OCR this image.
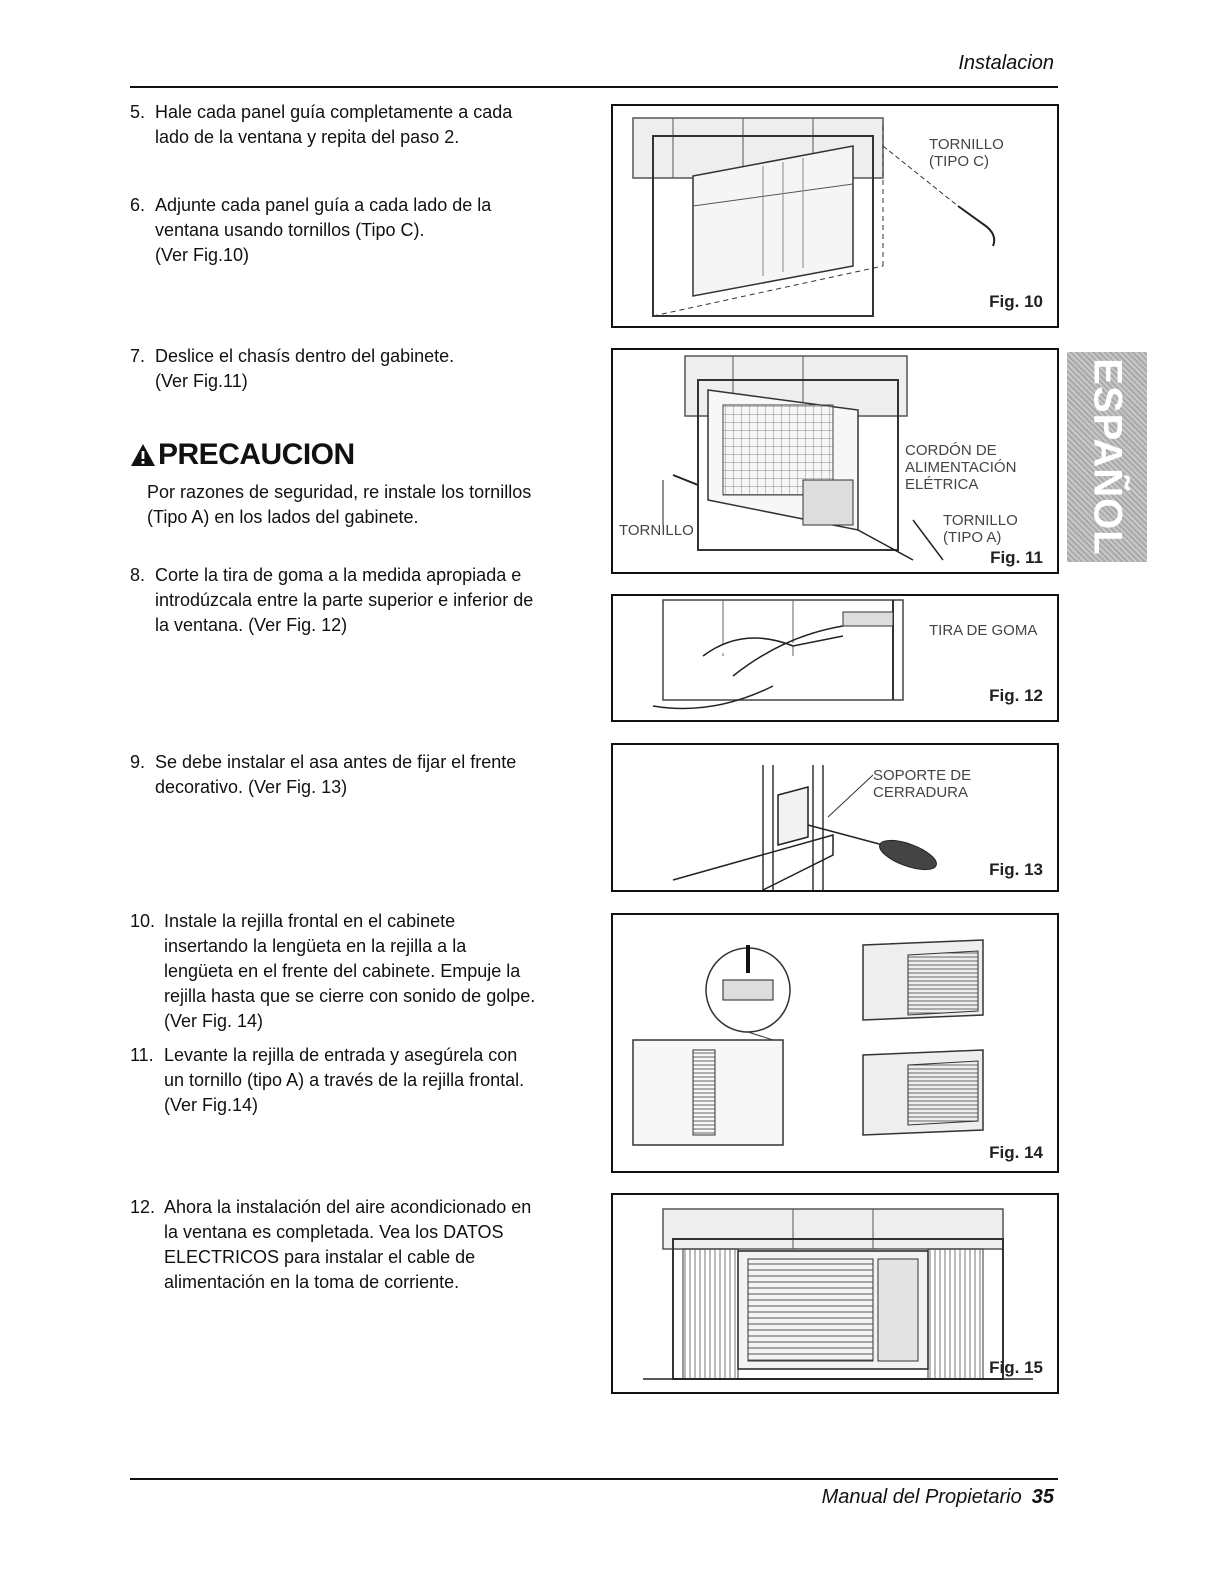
Instalacion
5. Hale cada panel guía completamente a cada
lado de la ventana y repita del paso 2.
6. Adjunte cada panel guía a cada lado de la
ventana usando tornillos (Tipo C).
(Ver Fig.10)
7. Deslice el chasís dentro del gabinete.
(Ver Fig.11)
PRECAUCION
Por razones de seguridad, re instale los tornillos
(Tipo A) en los lados del gabinete.
8. Corte la tira de goma a la medida apropiada e
introdúzcala entre la parte superior e inferior de
la ventana. (Ver Fig. 12)
9. Se debe instalar el asa antes de fijar el frente
decorativo. (Ver Fig. 13)
10. Instale la rejilla frontal en el cabinete
insertando la lengüeta en la rejilla a la
lengüeta en el frente del cabinete. Empuje la
rejilla hasta que se cierre con sonido de golpe.
(Ver Fig. 14)
11. Levante la rejilla de entrada y asegúrela con
un tornillo (tipo A) a través de la rejilla frontal.
(Ver Fig.14)
12. Ahora la instalación del aire acondicionado en
la ventana es completada. Vea los DATOS
ELECTRICOS para instalar el cable de
alimentación en la toma de corriente.
TORNILLO
(TIPO C)
Fig. 10
CORDÓN DE
ALIMENTACIÓN
ELÉTRICA
TORNILLO
(TIPO A)
TORNILLO
Fig. 11
TIRA DE GOMA
Fig. 12
SOPORTE DE
CERRADURA
Fig. 13
Fig. 14
Fig. 15
ESPAÑOL
Manual del Propietario 35
